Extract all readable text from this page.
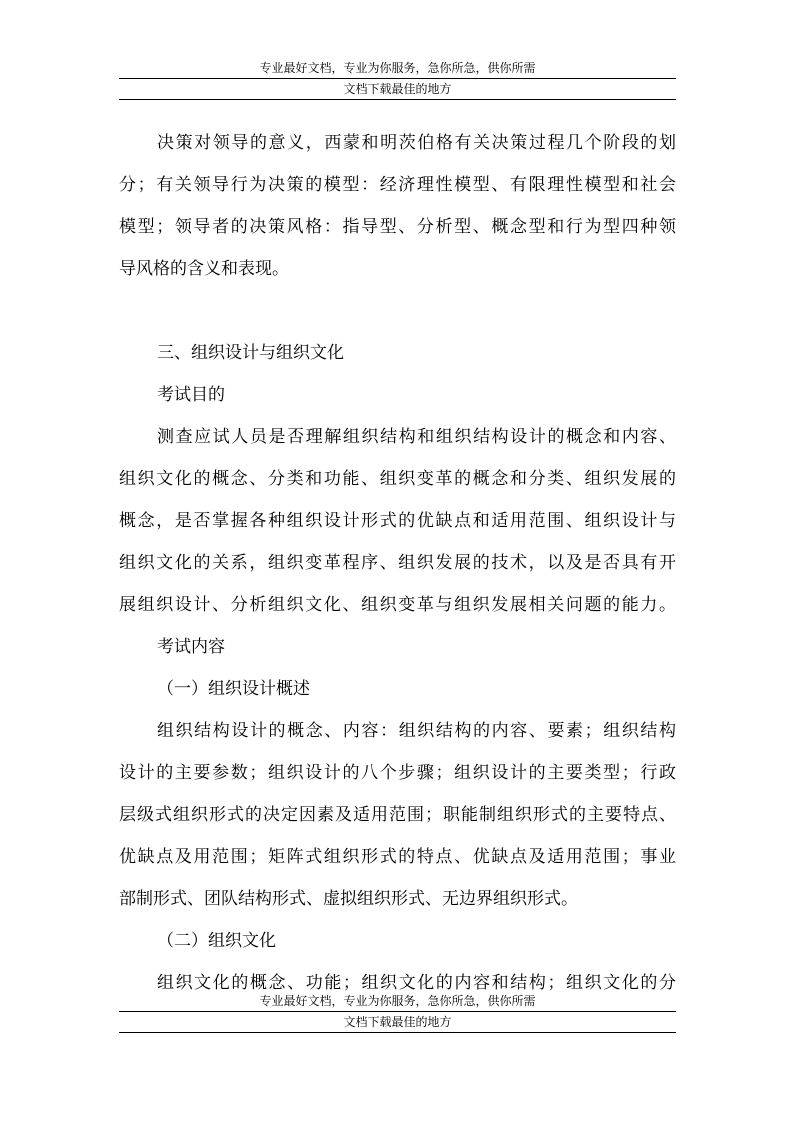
专业最好文档，专业为你服务，急你所急，供你所需
文档下载最佳的地方
决策对领导的意义，西蒙和明茨伯格有关决策过程几个阶段的划
分；有关领导行为决策的模型：经济理性模型、有限理性模型和社会
模型；领导者的决策风格：指导型、分析型、概念型和行为型四种领
导风格的含义和表现。
三、组织设计与组织文化
考试目的
测查应试人员是否理解组织结构和组织结构设计的概念和内容、
组织文化的概念、分类和功能、组织变革的概念和分类、组织发展的
概念，是否掌握各种组织设计形式的优缺点和适用范围、组织设计与
组织文化的关系，组织变革程序、组织发展的技术，以及是否具有开
展组织设计、分析组织文化、组织变革与组织发展相关问题的能力。
考试内容
（一）组织设计概述
组织结构设计的概念、内容：组织结构的内容、要素；组织结构
设计的主要参数；组织设计的八个步骤；组织设计的主要类型；行政
层级式组织形式的决定因素及适用范围；职能制组织形式的主要特点、
优缺点及用范围；矩阵式组织形式的特点、优缺点及适用范围；事业
部制形式、团队结构形式、虚拟组织形式、无边界组织形式。
（二）组织文化
组织文化的概念、功能；组织文化的内容和结构；组织文化的分
专业最好文档，专业为你服务，急你所急，供你所需
文档下载最佳的地方
